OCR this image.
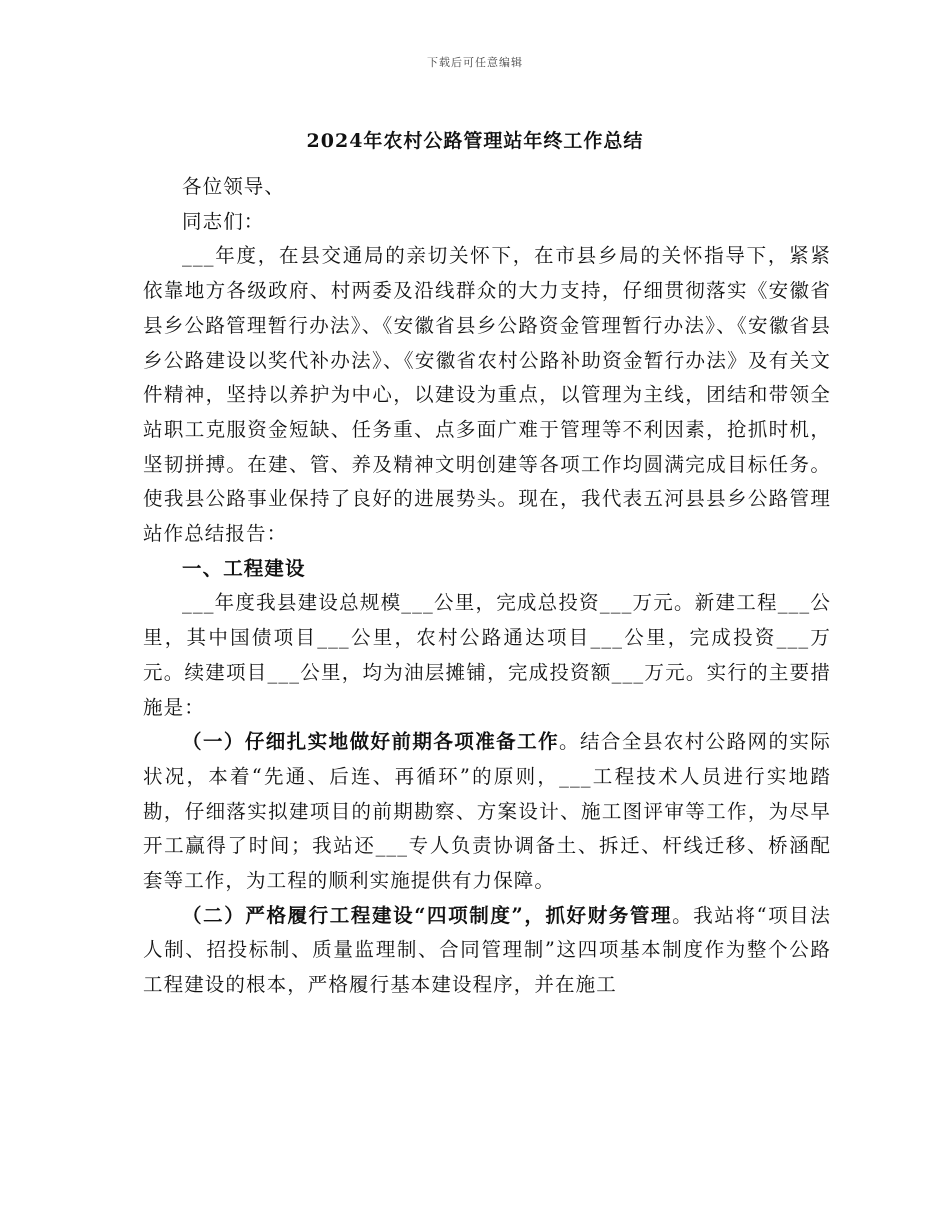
下载后可任意编辑
2024年农村公路管理站年终工作总结

各位领导、

同志们：

___年度，在县交通局的亲切关怀下，在市县乡局的关怀指导下，紧紧依靠地方各级政府、村两委及沿线群众的大力支持，仔细贯彻落实《安徽省县乡公路管理暂行办法》、《安徽省县乡公路资金管理暂行办法》、《安徽省县乡公路建设以奖代补办法》、《安徽省农村公路补助资金暂行办法》及有关文件精神，坚持以养护为中心，以建设为重点，以管理为主线，团结和带领全站职工克服资金短缺、任务重、点多面广难于管理等不利因素，抢抓时机，坚韧拼搏。在建、管、养及精神文明创建等各项工作均圆满完成目标任务。使我县公路事业保持了良好的进展势头。现在，我代表五河县县乡公路管理站作总结报告：

一、工程建设

___年度我县建设总规模___公里，完成总投资___万元。新建工程___公里，其中国债项目___公里，农村公路通达项目___公里，完成投资___万元。续建项目___公里，均为油层摊铺，完成投资额___万元。实行的主要措施是：

（一）仔细扎实地做好前期各项准备工作。结合全县农村公路网的实际状况，本着“先通、后连、再循环”的原则，___工程技术人员进行实地踏勘，仔细落实拟建项目的前期勘察、方案设计、施工图评审等工作，为尽早开工赢得了时间；我站还___专人负责协调备土、拆迁、杆线迁移、桥涵配套等工作，为工程的顺利实施提供有力保障。

（二）严格履行工程建设“四项制度”，抓好财务管理。我站将“项目法人制、招投标制、质量监理制、合同管理制”这四项基本制度作为整个公路工程建设的根本，严格履行基本建设程序，并在施工
